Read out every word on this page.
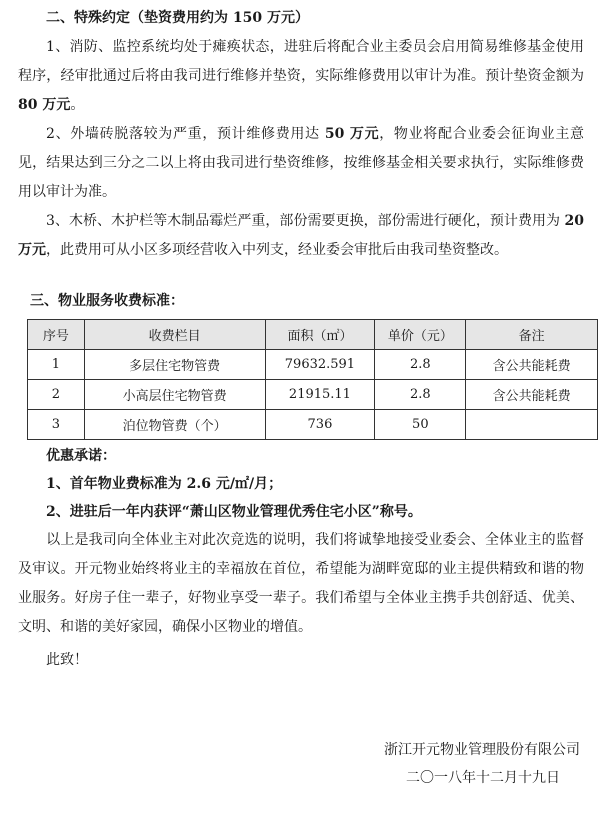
二、特殊约定（垫资费用约为 150 万元）
1、消防、监控系统均处于瘫痪状态，进驻后将配合业主委员会启用简易维修基金使用程序，经审批通过后将由我司进行维修并垫资，实际维修费用以审计为准。预计垫资金额为 80 万元。
2、外墙砖脱落较为严重，预计维修费用达 50 万元，物业将配合业委会征询业主意见，结果达到三分之二以上将由我司进行垫资维修，按维修基金相关要求执行，实际维修费用以审计为准。
3、木桥、木护栏等木制品霉烂严重，部份需要更换，部份需进行硬化，预计费用为 20 万元，此费用可从小区多项经营收入中列支，经业委会审批后由我司垫资整改。
三、物业服务收费标准：
序号	收费栏目	面积（㎡）	单价（元）	备注
1	多层住宅物管费	79632.591	2.8	含公共能耗费
2	小高层住宅物管费	21915.11	2.8	含公共能耗费
3	泊位物管费（个）	736	50	
优惠承诺：
1、首年物业费标准为 2.6 元/㎡/月；
2、进驻后一年内获评“萧山区物业管理优秀住宅小区”称号。
以上是我司向全体业主对此次竞选的说明，我们将诚挚地接受业委会、全体业主的监督及审议。开元物业始终将业主的幸福放在首位，希望能为湖畔宽邸的业主提供精致和谐的物业服务。好房子住一辈子，好物业享受一辈子。我们希望与全体业主携手共创舒适、优美、文明、和谐的美好家园，确保小区物业的增值。
此致！
浙江开元物业管理股份有限公司
二〇一八年十二月十九日
